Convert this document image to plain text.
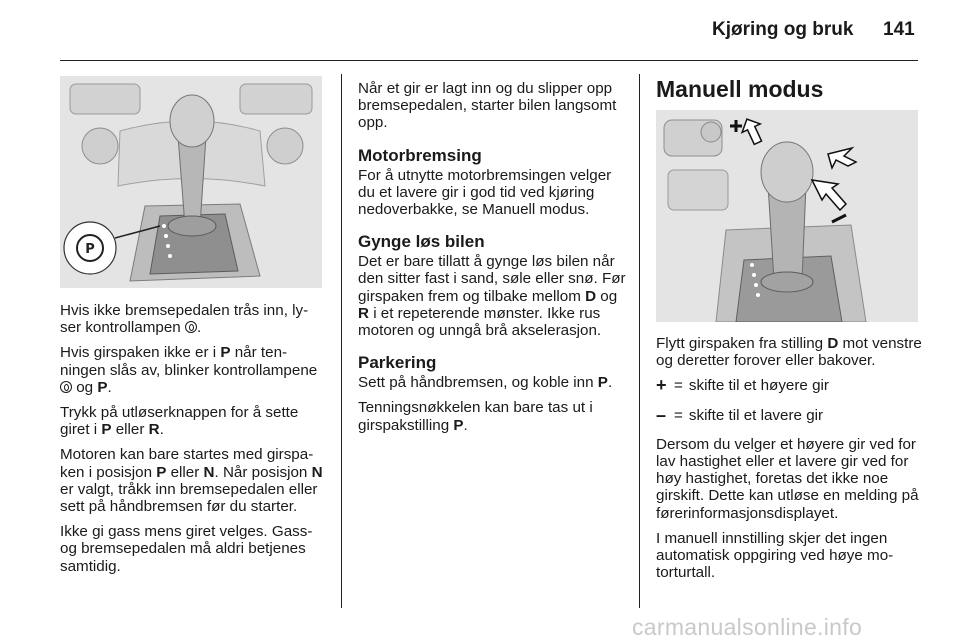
Kjøring og bruk 141
P

Hvis ikke bremsepedalen trås inn, lyser kontrollampen .

Hvis girspaken ikke er i P når tenningen slås av, blinker kontrollampene  og P.

Trykk på utløserknappen for å sette giret i P eller R.

Motoren kan bare startes med girspaken i posisjon P eller N. Når posisjon N er valgt, tråkk inn bremsepedalen eller sett på håndbremsen før du starter.

Ikke gi gass mens giret velges. Gass- og bremsepedalen må aldri betjenes samtidig.

Når et gir er lagt inn og du slipper opp bremsepedalen, starter bilen langsomt opp.

Motorbremsing

For å utnytte motorbremsingen velger du et lavere gir i god tid ved kjøring nedoverbakke, se Manuell modus.

Gynge løs bilen

Det er bare tillatt å gynge løs bilen når den sitter fast i sand, søle eller snø. Før girspaken frem og tilbake mellom D og R i et repeterende mønster. Ikke rus motoren og unngå brå akselerasjon.

Parkering

Sett på håndbremsen, og koble inn P.

Tenningsnøkkelen kan bare tas ut i girspakstilling P.

Manuell modus

Flytt girspaken fra stilling D mot venstre og deretter forover eller bakover.

+ = skifte til et høyere gir
– = skifte til et lavere gir

Dersom du velger et høyere gir ved for lav hastighet eller et lavere gir ved for høy hastighet, foretas det ikke noe girskift. Dette kan utløse en melding på førerinformasjonsdisplayet.

I manuell innstilling skjer det ingen automatisk oppgiring ved høye motorturtall.

carmanualsonline.info
